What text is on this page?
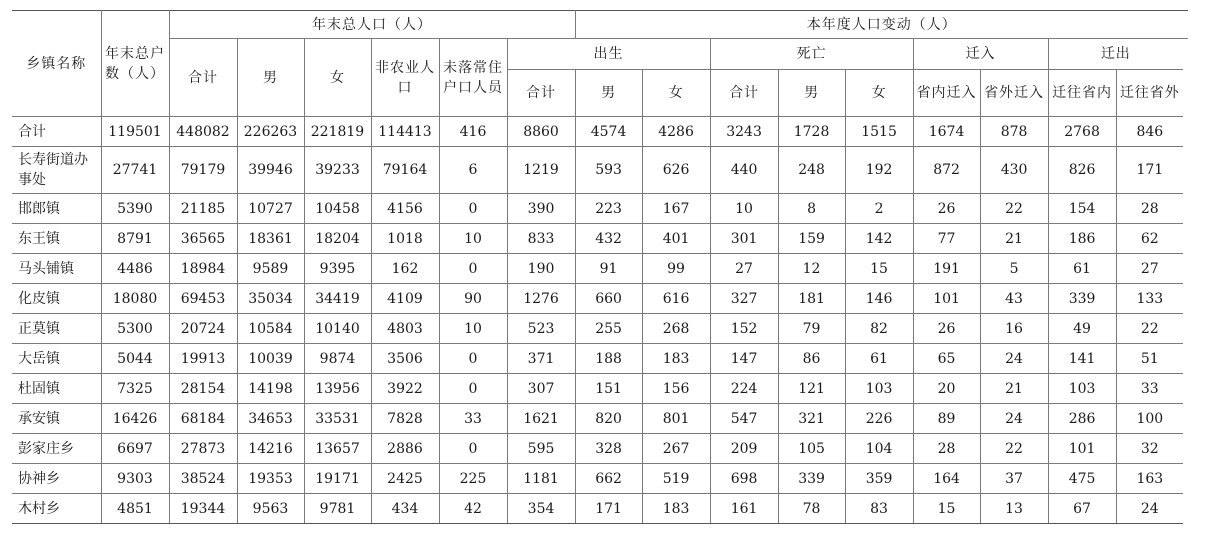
乡镇名称	年末总户数（人）	年末总人口（人）						本年度人口变动（人）								
		合计	男	女	非农业人口	未落常住户口人员	出生			死亡			迁入		迁出	
							合计	男	女	合计	男	女	省内迁入	省外迁入	迁往省内	迁往省外
合计	119501	448082	226263	221819	114413	416	8860	4574	4286	3243	1728	1515	1674	878	2768	846
长寿街道办事处	27741	79179	39946	39233	79164	6	1219	593	626	440	248	192	872	430	826	171
邯郎镇	5390	21185	10727	10458	4156	0	390	223	167	10	8	2	26	22	154	28
东王镇	8791	36565	18361	18204	1018	10	833	432	401	301	159	142	77	21	186	62
马头铺镇	4486	18984	9589	9395	162	0	190	91	99	27	12	15	191	5	61	27
化皮镇	18080	69453	35034	34419	4109	90	1276	660	616	327	181	146	101	43	339	133
正莫镇	5300	20724	10584	10140	4803	10	523	255	268	152	79	82	26	16	49	22
大岳镇	5044	19913	10039	9874	3506	0	371	188	183	147	86	61	65	24	141	51
杜固镇	7325	28154	14198	13956	3922	0	307	151	156	224	121	103	20	21	103	33
承安镇	16426	68184	34653	33531	7828	33	1621	820	801	547	321	226	89	24	286	100
彭家庄乡	6697	27873	14216	13657	2886	0	595	328	267	209	105	104	28	22	101	32
协神乡	9303	38524	19353	19171	2425	225	1181	662	519	698	339	359	164	37	475	163
木村乡	4851	19344	9563	9781	434	42	354	171	183	161	78	83	15	13	67	24
